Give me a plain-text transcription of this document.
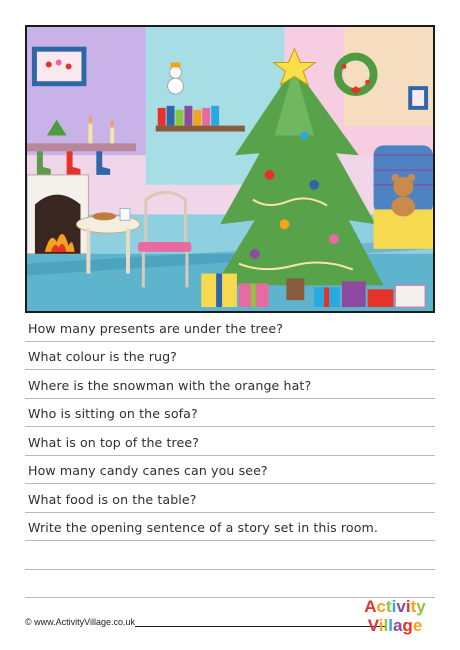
How many presents are under the tree?
What colour is the rug?
Where is the snowman with the orange hat?
Who is sitting on the sofa?
What is on top of the tree?
How many candy canes can you see?
What food is on the table?
Write the opening sentence of a story set in this room.
© www.ActivityVillage.co.uk
Activity
Village
